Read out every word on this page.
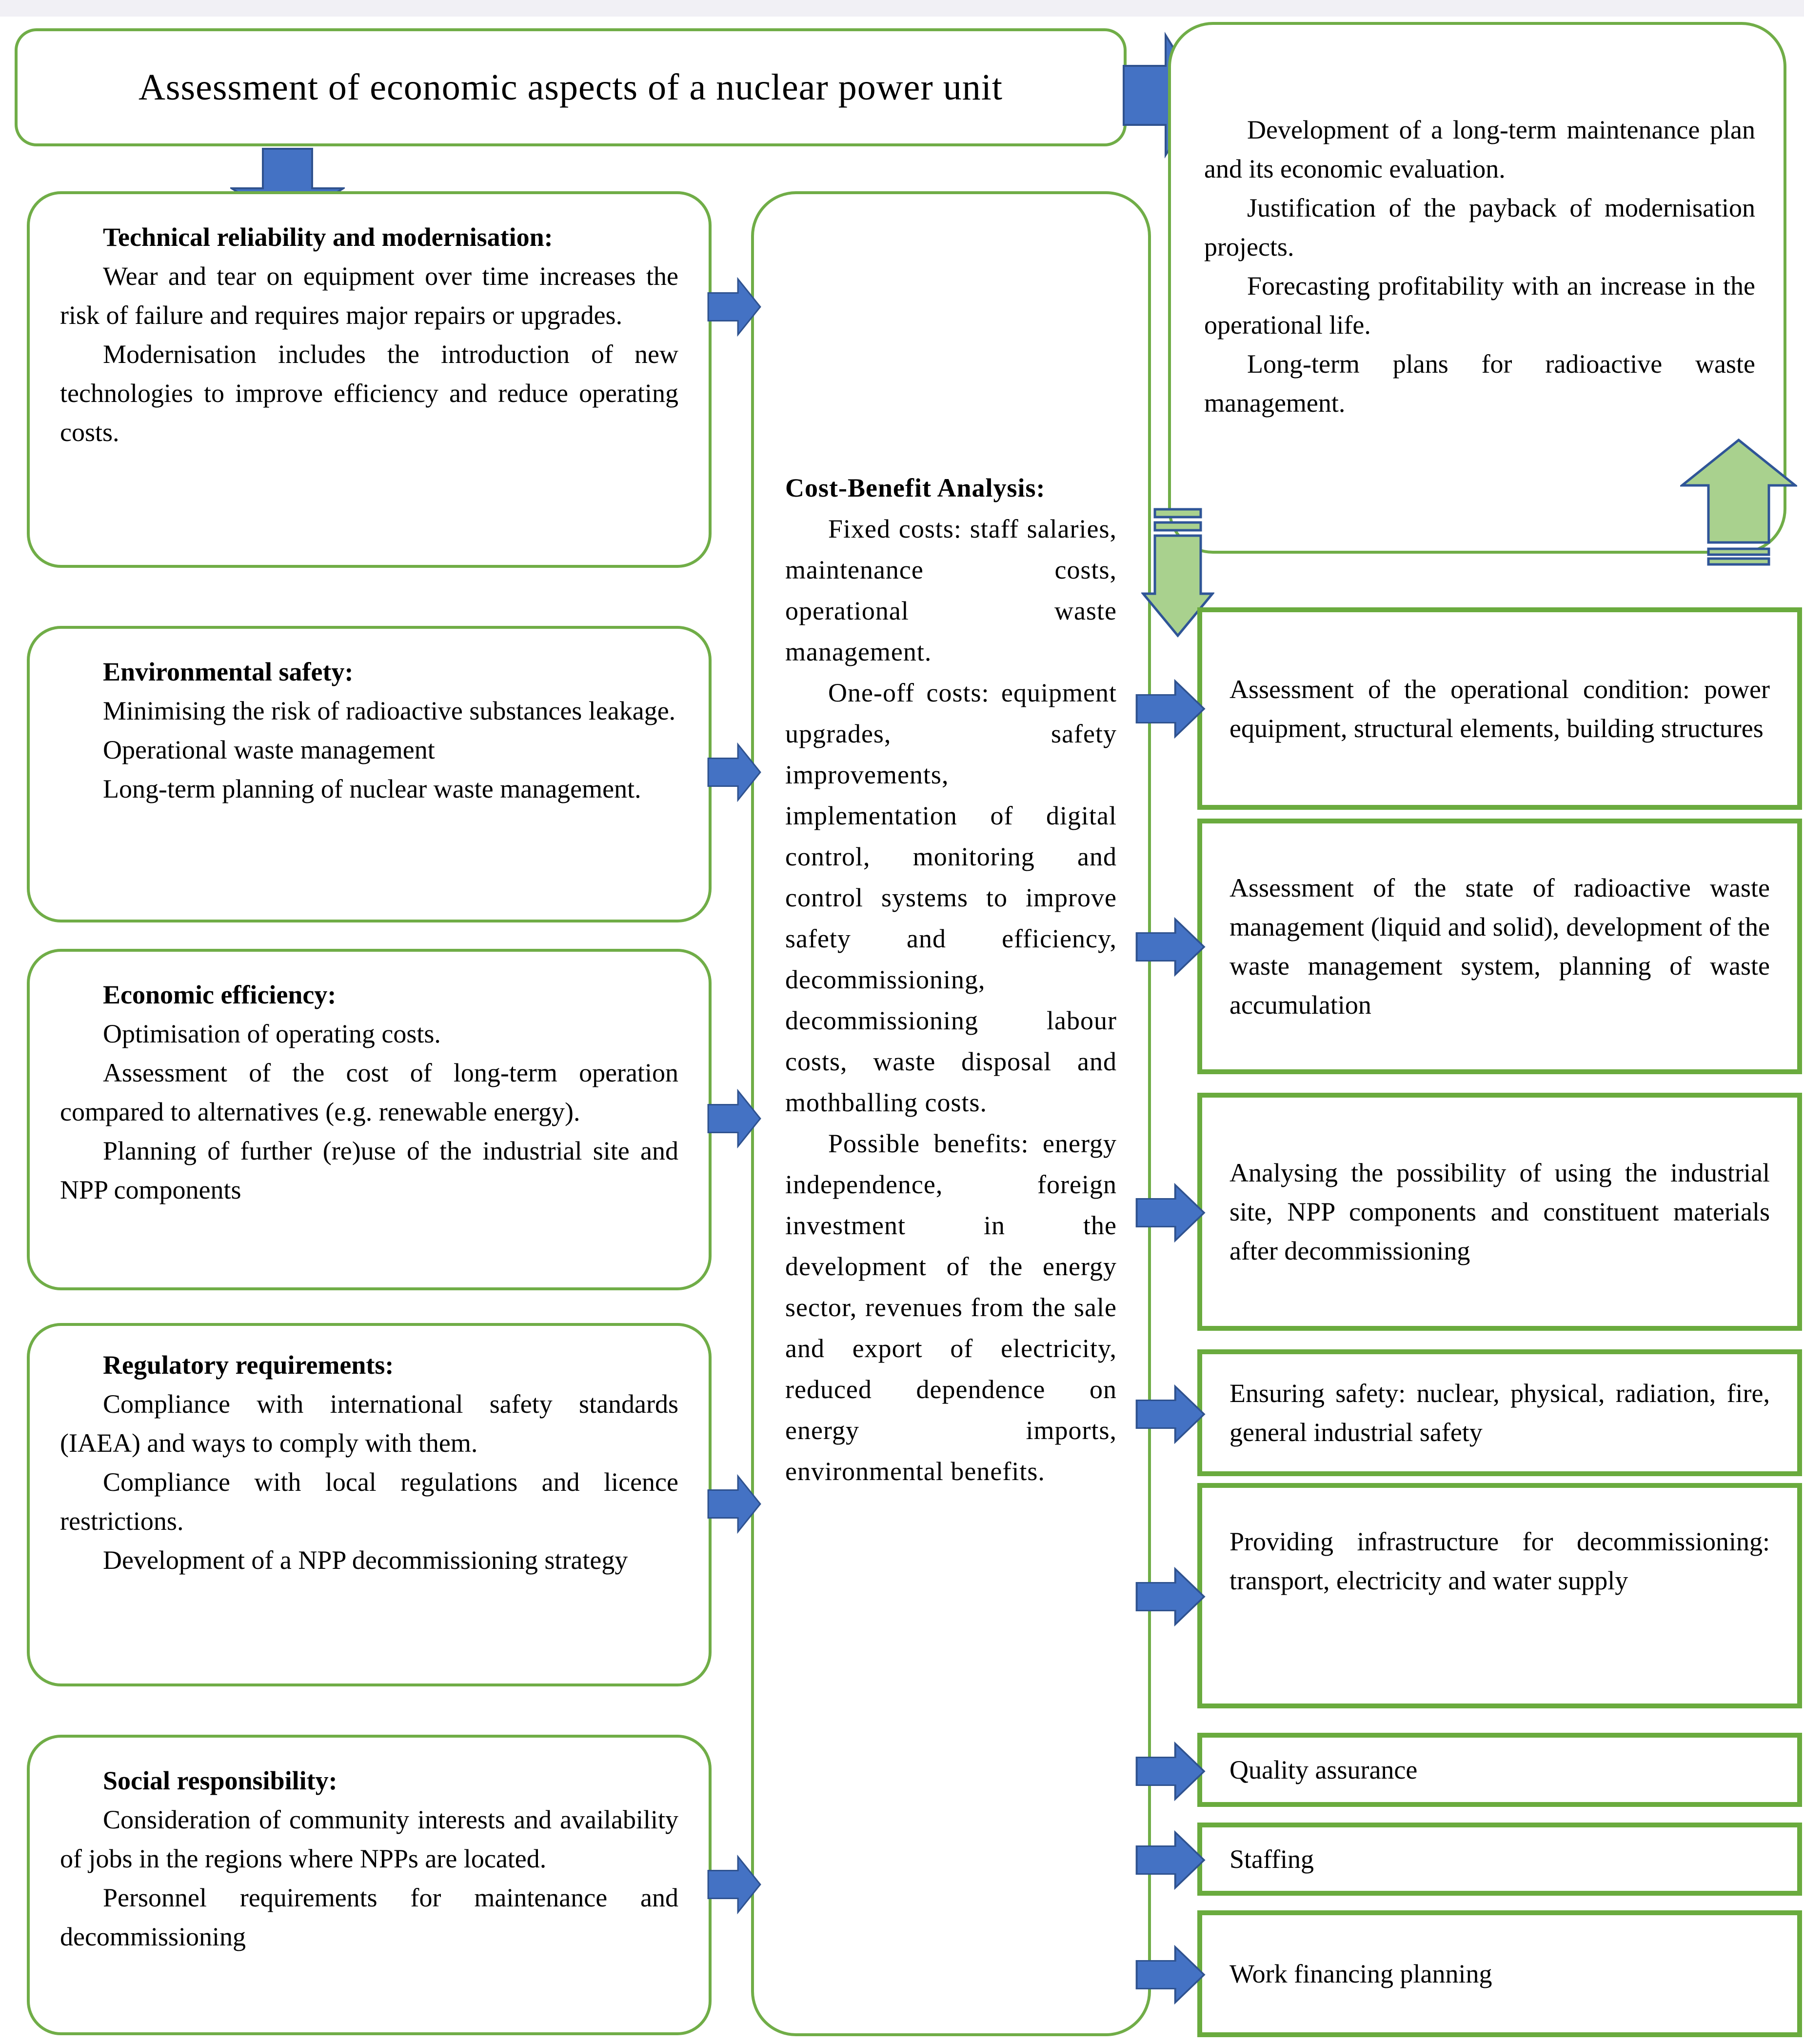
Assessment of economic aspects of a nuclear power unit

Technical reliability and modernisation:

Wear and tear on equipment over time increases the risk of failure and requires major repairs or upgrades.

Modernisation includes the introduction of new technologies to improve efficiency and reduce operating costs.

Environmental safety:

Minimising the risk of radioactive substances leakage.

Operational waste management

Long-term planning of nuclear waste management.

Economic efficiency:

Optimisation of operating costs.

Assessment of the cost of long-term operation compared to alternatives (e.g. renewable energy).

Planning of further (re)use of the industrial site and NPP components

Regulatory requirements:

Compliance with international safety standards (IAEA) and ways to comply with them.

Compliance with local regulations and licence restrictions.

Development of a NPP decommissioning strategy

Social responsibility:

Consideration of community interests and availability of jobs in the regions where NPPs are located.

Personnel requirements for maintenance and decommissioning

Cost-Benefit Analysis:

Fixed costs: staff salaries, maintenance costs, operational waste management.

One-off costs: equipment upgrades, safety improvements, implementation of digital control, monitoring and control systems to improve safety and efficiency, decommissioning, decommissioning labour costs, waste disposal and mothballing costs.

Possible benefits: energy independence, foreign investment in the development of the energy sector, revenues from the sale and export of electricity, reduced dependence on energy imports, environmental benefits.

Development of a long-term maintenance plan and its economic evaluation.

Justification of the payback of modernisation projects.

Forecasting profitability with an increase in the operational life.

Long-term plans for radioactive waste management.

Assessment of the operational condition: power equipment, structural elements, building structures

Assessment of the state of radioactive waste management (liquid and solid), development of the waste management system, planning of waste accumulation

Analysing the possibility of using the industrial site, NPP components and constituent materials after decommissioning

Ensuring safety: nuclear, physical, radiation, fire, general industrial safety

Providing infrastructure for decommissioning: transport, electricity and water supply

Quality assurance

Staffing

Work financing planning
